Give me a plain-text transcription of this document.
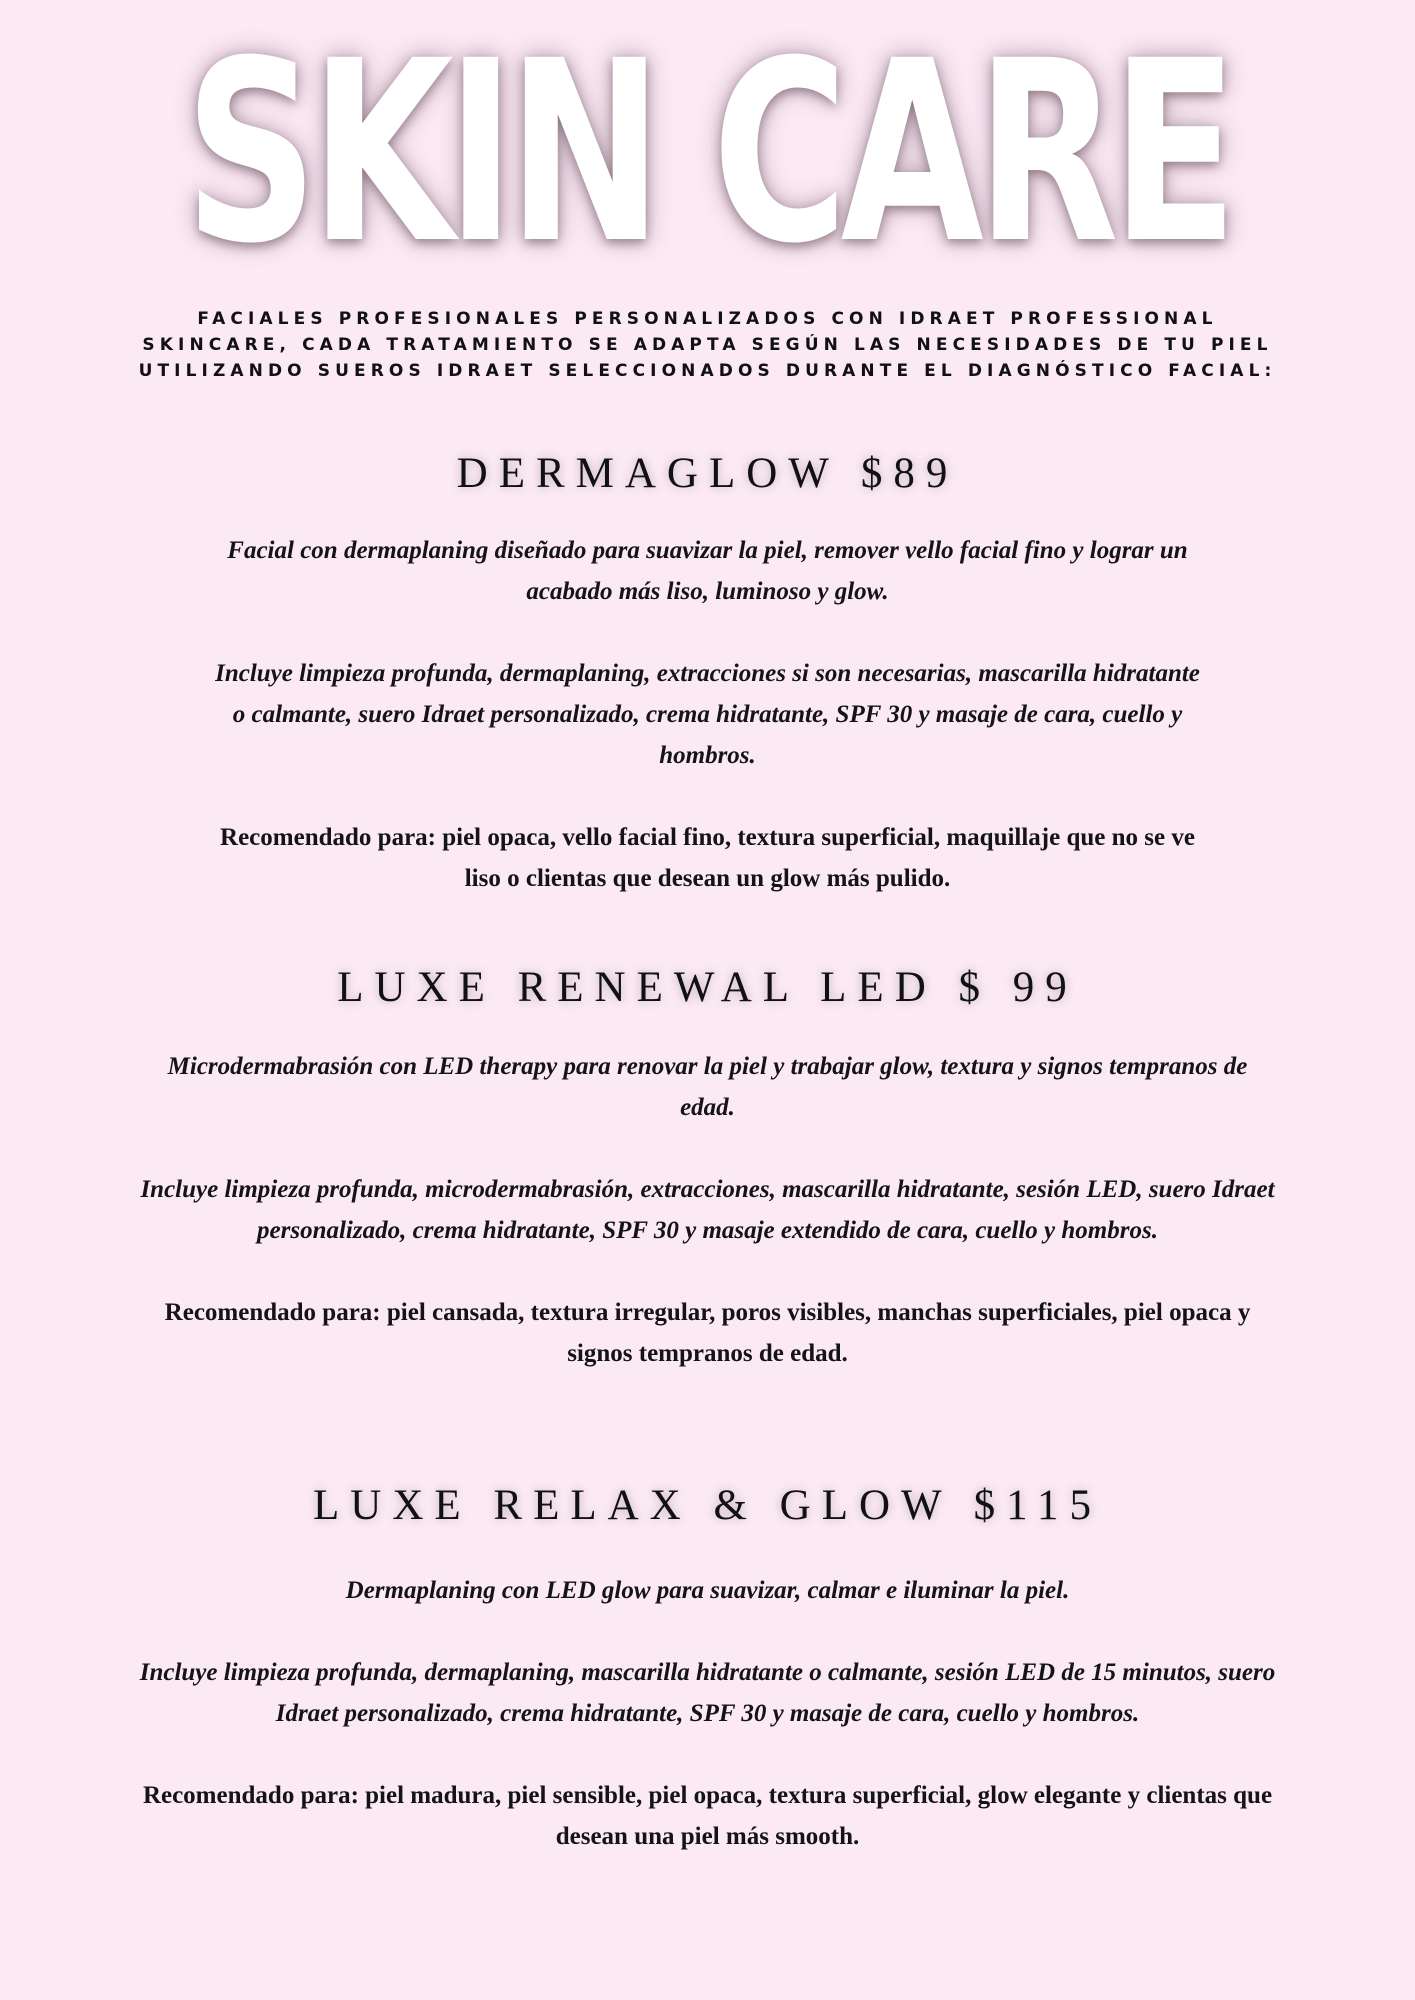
SKIN CARE
FACIALES PROFESIONALES PERSONALIZADOS CON IDRAET PROFESSIONAL SKINCARE, CADA TRATAMIENTO SE ADAPTA SEGÚN LAS NECESIDADES DE TU PIEL UTILIZANDO SUEROS IDRAET SELECCIONADOS DURANTE EL DIAGNÓSTICO FACIAL:
DERMAGLOW $89

Facial con dermaplaning diseñado para suavizar la piel, remover vello facial fino y lograr un acabado más liso, luminoso y glow.

Incluye limpieza profunda, dermaplaning, extracciones si son necesarias, mascarilla hidratante o calmante, suero Idraet personalizado, crema hidratante, SPF 30 y masaje de cara, cuello y hombros.

Recomendado para: piel opaca, vello facial fino, textura superficial, maquillaje que no se ve liso o clientas que desean un glow más pulido.

LUXE RENEWAL LED $ 99

Microdermabrasión con LED therapy para renovar la piel y trabajar glow, textura y signos tempranos de edad.

Incluye limpieza profunda, microdermabrasión, extracciones, mascarilla hidratante, sesión LED, suero Idraet personalizado, crema hidratante, SPF 30 y masaje extendido de cara, cuello y hombros.

Recomendado para: piel cansada, textura irregular, poros visibles, manchas superficiales, piel opaca y signos tempranos de edad.

LUXE RELAX & GLOW $115

Dermaplaning con LED glow para suavizar, calmar e iluminar la piel.

Incluye limpieza profunda, dermaplaning, mascarilla hidratante o calmante, sesión LED de 15 minutos, suero Idraet personalizado, crema hidratante, SPF 30 y masaje de cara, cuello y hombros.

Recomendado para: piel madura, piel sensible, piel opaca, textura superficial, glow elegante y clientas que desean una piel más smooth.
